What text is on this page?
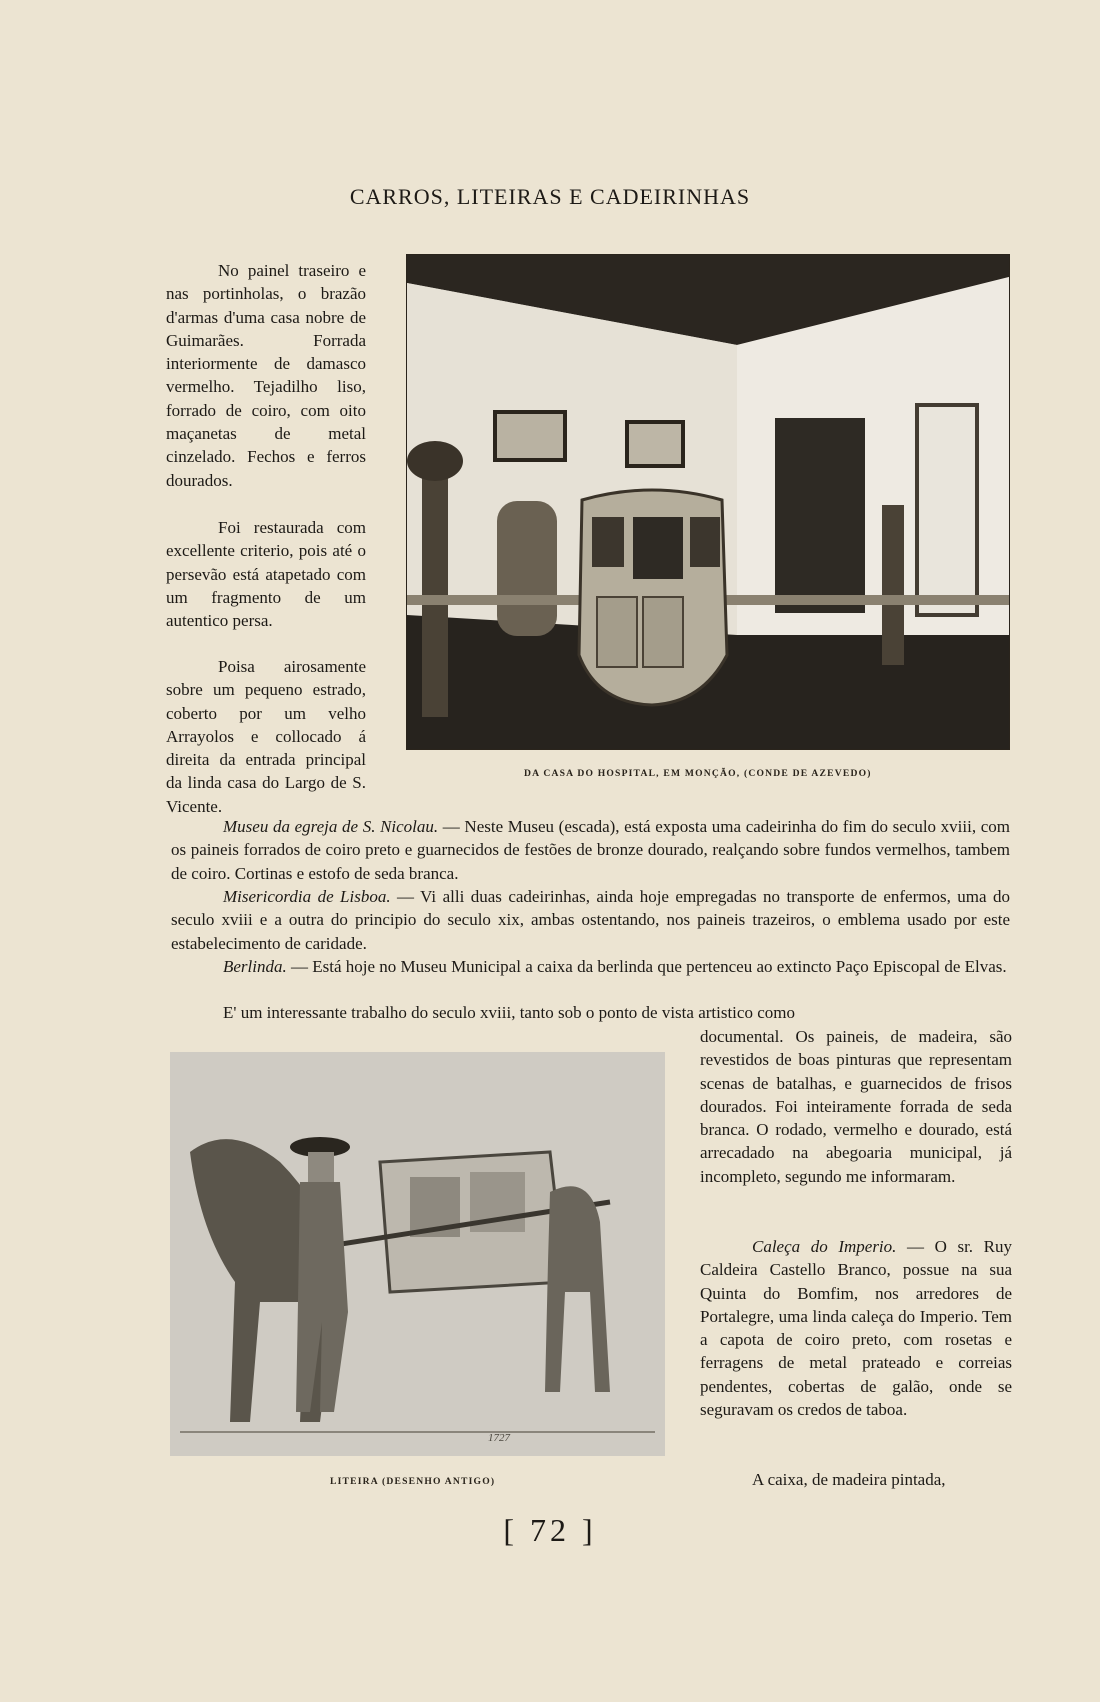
CARROS, LITEIRAS E CADEIRINHAS

No painel traseiro e nas portinholas, o brazão d'armas d'uma casa nobre de Guimarães. Forrada interiormente de damasco vermelho. Tejadilho liso, forrado de coiro, com oito maçanetas de metal cinzelado. Fechos e ferros dourados.

Foi restaurada com excellente criterio, pois até o persevão está atapetado com um fragmento de um autentico persa.

Poisa airosamente sobre um pequeno estrado, coberto por um velho Arrayolos e collocado á direita da entrada principal da linda casa do Largo de S. Vicente.

DA CASA DO HOSPITAL, EM MONÇÃO, (CONDE DE AZEVEDO)

Museu da egreja de S. Nicolau. — Neste Museu (escada), está exposta uma cadeirinha do fim do seculo xviii, com os paineis forrados de coiro preto e guarnecidos de festões de bronze dourado, realçando sobre fundos vermelhos, tambem de coiro. Cortinas e estofo de seda branca.

Misericordia de Lisboa. — Vi alli duas cadeirinhas, ainda hoje empregadas no transporte de enfermos, uma do seculo xviii e a outra do principio do seculo xix, ambas ostentando, nos paineis trazeiros, o emblema usado por este estabelecimento de caridade.

Berlinda. — Está hoje no Museu Municipal a caixa da berlinda que pertenceu ao extincto Paço Episcopal de Elvas.

E' um interessante trabalho do seculo xviii, tanto sob o ponto de vista artistico como

1727
LITEIRA (DESENHO ANTIGO)

documental. Os paineis, de madeira, são revestidos de boas pinturas que representam scenas de batalhas, e guarnecidos de frisos dourados. Foi inteiramente forrada de seda branca. O rodado, vermelho e dourado, está arrecadado na abegoaria municipal, já incompleto, segundo me informaram.

Caleça do Imperio. — O sr. Ruy Caldeira Castello Branco, possue na sua Quinta do Bomfim, nos arredores de Portalegre, uma linda caleça do Imperio. Tem a capota de coiro preto, com rosetas e ferragens de metal prateado e correias pendentes, cobertas de galão, onde se seguravam os credos de taboa.

A caixa, de madeira pintada,

[ 72 ]
